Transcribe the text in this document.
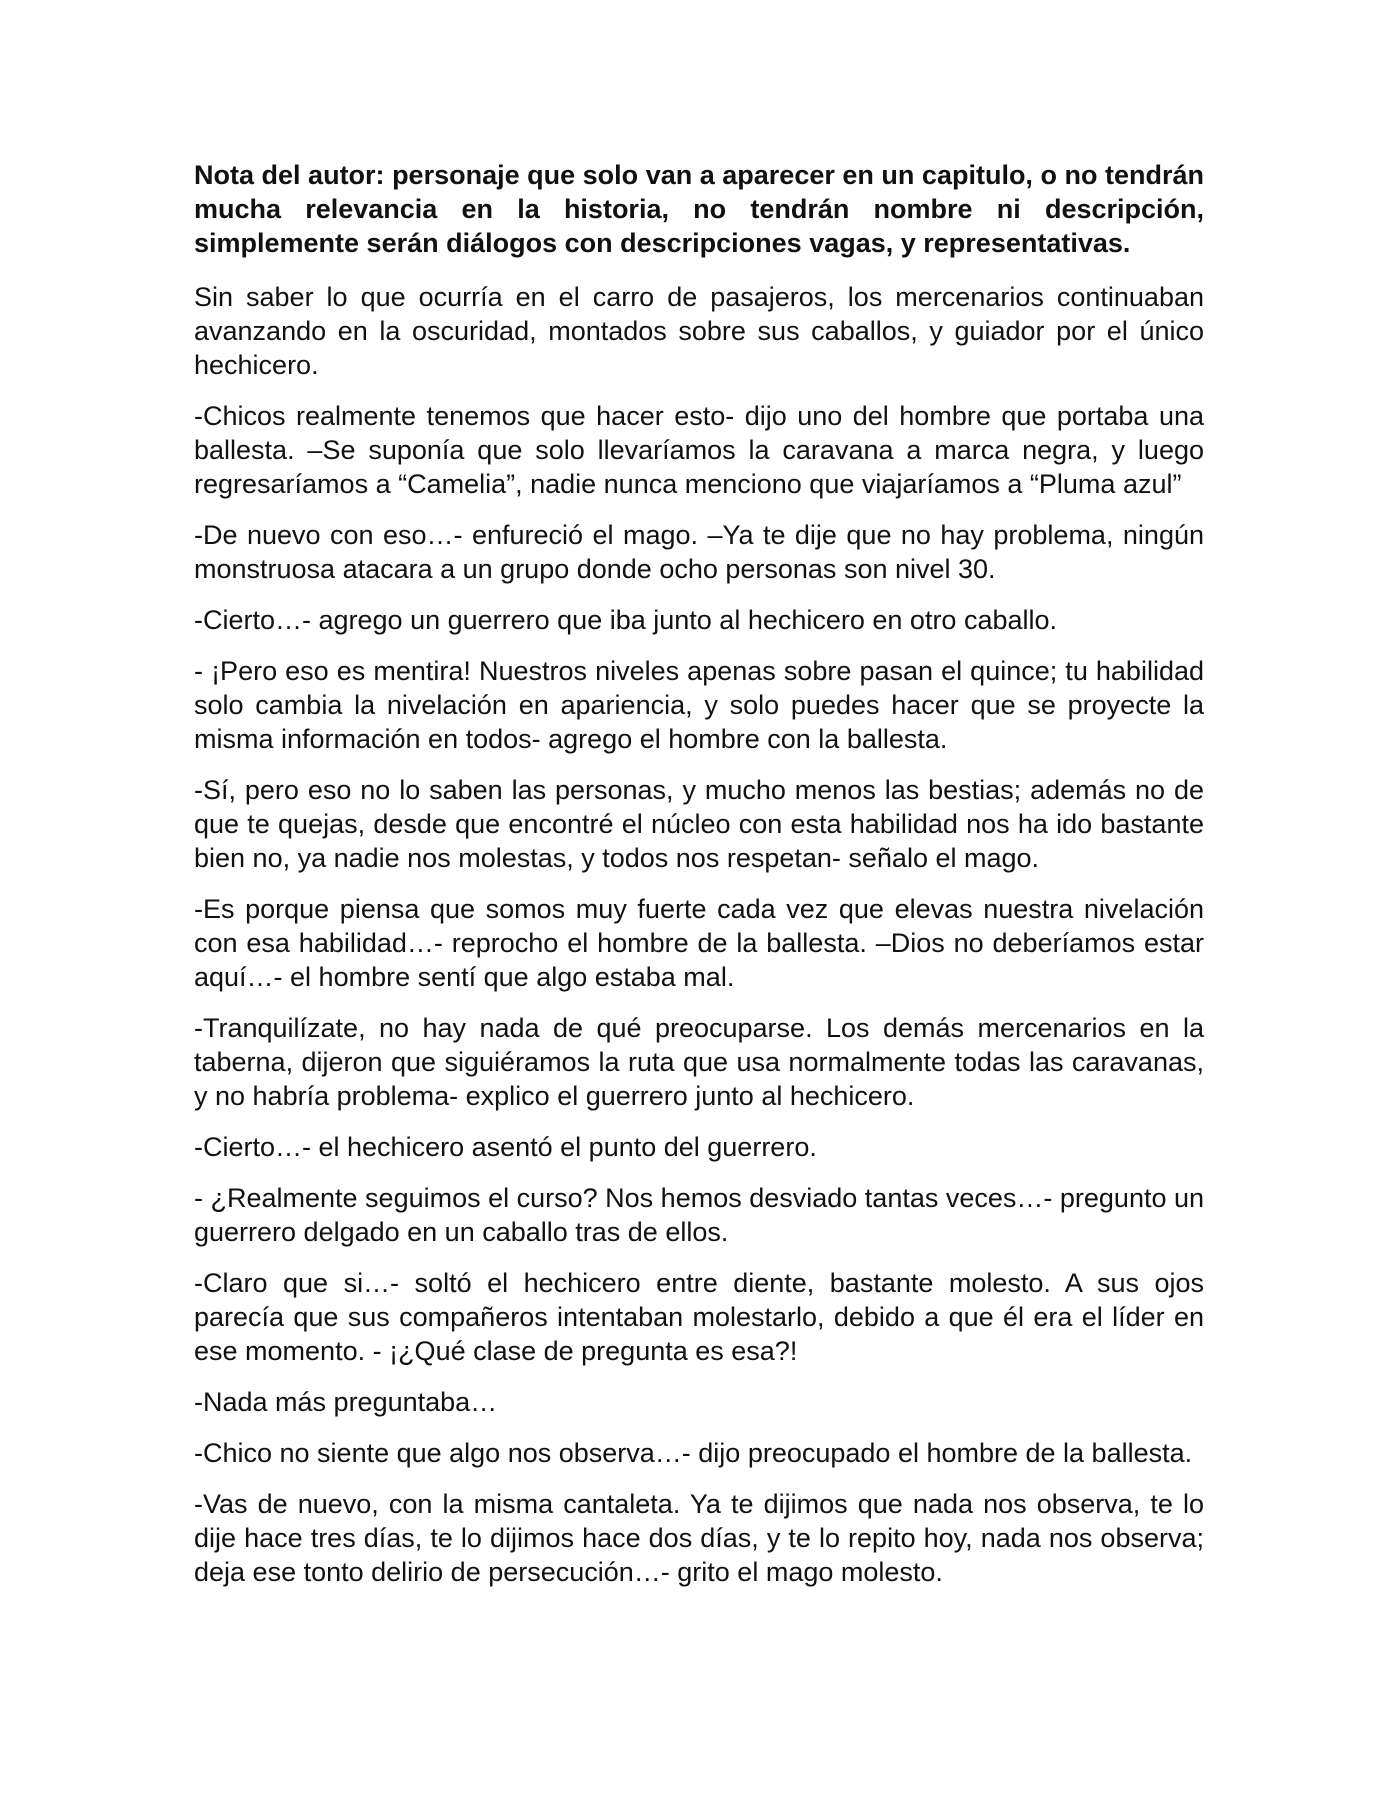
Nota del autor: personaje que solo van a aparecer en un capitulo, o no tendrán mucha relevancia en la historia, no tendrán nombre ni descripción, simplemente serán diálogos con descripciones vagas, y representativas.

Sin saber lo que ocurría en el carro de pasajeros, los mercenarios continuaban avanzando en la oscuridad, montados sobre sus caballos, y guiador por el único hechicero.

-Chicos realmente tenemos que hacer esto- dijo uno del hombre que portaba una ballesta. –Se suponía que solo llevaríamos la caravana a marca negra, y luego regresaríamos a “Camelia”, nadie nunca menciono que viajaríamos a “Pluma azul”

-De nuevo con eso…- enfureció el mago. –Ya te dije que no hay problema, ningún monstruosa atacara a un grupo donde ocho personas son nivel 30.

-Cierto…- agrego un guerrero que iba junto al hechicero en otro caballo.

- ¡Pero eso es mentira! Nuestros niveles apenas sobre pasan el quince; tu habilidad solo cambia la nivelación en apariencia, y solo puedes hacer que se proyecte la misma información en todos- agrego el hombre con la ballesta.

-Sí, pero eso no lo saben las personas, y mucho menos las bestias; además no de que te quejas, desde que encontré el núcleo con esta habilidad nos ha ido bastante bien no, ya nadie nos molestas, y todos nos respetan- señalo el mago.

-Es porque piensa que somos muy fuerte cada vez que elevas nuestra nivelación con esa habilidad…- reprocho el hombre de la ballesta. –Dios no deberíamos estar aquí…- el hombre sentí que algo estaba mal.

-Tranquilízate, no hay nada de qué preocuparse. Los demás mercenarios en la taberna, dijeron que siguiéramos la ruta que usa normalmente todas las caravanas, y no habría problema- explico el guerrero junto al hechicero.

-Cierto…- el hechicero asentó el punto del guerrero.

- ¿Realmente seguimos el curso? Nos hemos desviado tantas veces…- pregunto un guerrero delgado en un caballo tras de ellos.

-Claro que si…- soltó el hechicero entre diente, bastante molesto. A sus ojos parecía que sus compañeros intentaban molestarlo, debido a que él era el líder en ese momento. - ¡¿Qué clase de pregunta es esa?!

-Nada más preguntaba…

-Chico no siente que algo nos observa…- dijo preocupado el hombre de la ballesta.

-Vas de nuevo, con la misma cantaleta. Ya te dijimos que nada nos observa, te lo dije hace tres días, te lo dijimos hace dos días, y te lo repito hoy, nada nos observa; deja ese tonto delirio de persecución…- grito el mago molesto.
